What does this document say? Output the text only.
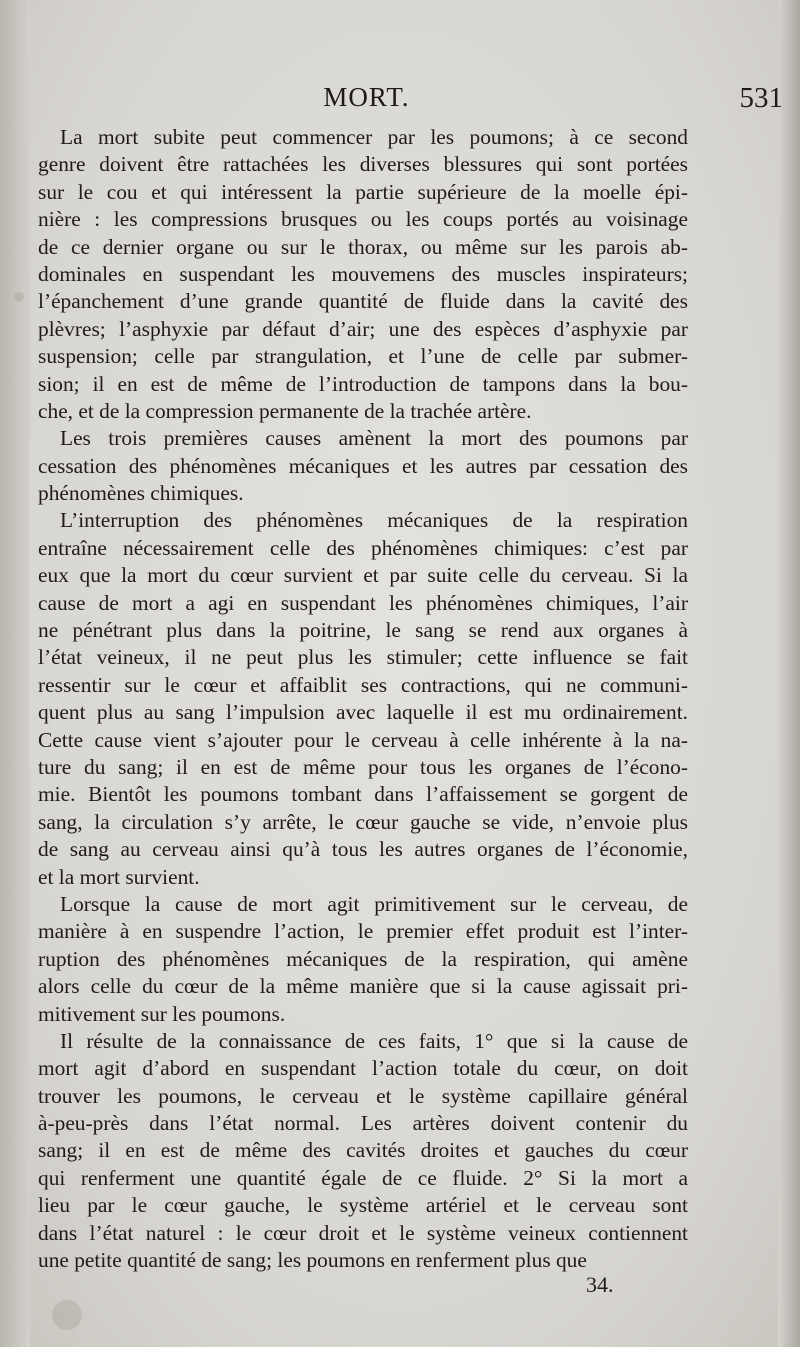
MORT.	531

La mort subite peut commencer par les poumons; à ce second
genre doivent être rattachées les diverses blessures qui sont portées
sur le cou et qui intéressent la partie supérieure de la moelle épi-
nière : les compressions brusques ou les coups portés au voisinage
de ce dernier organe ou sur le thorax, ou même sur les parois ab-
dominales en suspendant les mouvemens des muscles inspirateurs;
l’épanchement d’une grande quantité de fluide dans la cavité des
plèvres; l’asphyxie par défaut d’air; une des espèces d’asphyxie par
suspension; celle par strangulation, et l’une de celle par submer-
sion; il en est de même de l’introduction de tampons dans la bou-
che, et de la compression permanente de la trachée artère.

Les trois premières causes amènent la mort des poumons par
cessation des phénomènes mécaniques et les autres par cessation des
phénomènes chimiques.

L’interruption des phénomènes mécaniques de la respiration
entraîne nécessairement celle des phénomènes chimiques: c’est par
eux que la mort du cœur survient et par suite celle du cerveau. Si la
cause de mort a agi en suspendant les phénomènes chimiques, l’air
ne pénétrant plus dans la poitrine, le sang se rend aux organes à
l’état veineux, il ne peut plus les stimuler; cette influence se fait
ressentir sur le cœur et affaiblit ses contractions, qui ne communi-
quent plus au sang l’impulsion avec laquelle il est mu ordinairement.
Cette cause vient s’ajouter pour le cerveau à celle inhérente à la na-
ture du sang; il en est de même pour tous les organes de l’écono-
mie. Bientôt les poumons tombant dans l’affaissement se gorgent de
sang, la circulation s’y arrête, le cœur gauche se vide, n’envoie plus
de sang au cerveau ainsi qu’à tous les autres organes de l’économie,
et la mort survient.

Lorsque la cause de mort agit primitivement sur le cerveau, de
manière à en suspendre l’action, le premier effet produit est l’inter-
ruption des phénomènes mécaniques de la respiration, qui amène
alors celle du cœur de la même manière que si la cause agissait pri-
mitivement sur les poumons.

Il résulte de la connaissance de ces faits, 1° que si la cause de
mort agit d’abord en suspendant l’action totale du cœur, on doit
trouver les poumons, le cerveau et le système capillaire général
à-peu-près dans l’état normal. Les artères doivent contenir du
sang; il en est de même des cavités droites et gauches du cœur
qui renferment une quantité égale de ce fluide. 2° Si la mort a
lieu par le cœur gauche, le système artériel et le cerveau sont
dans l’état naturel : le cœur droit et le système veineux contiennent
une petite quantité de sang; les poumons en renferment plus que

34.
